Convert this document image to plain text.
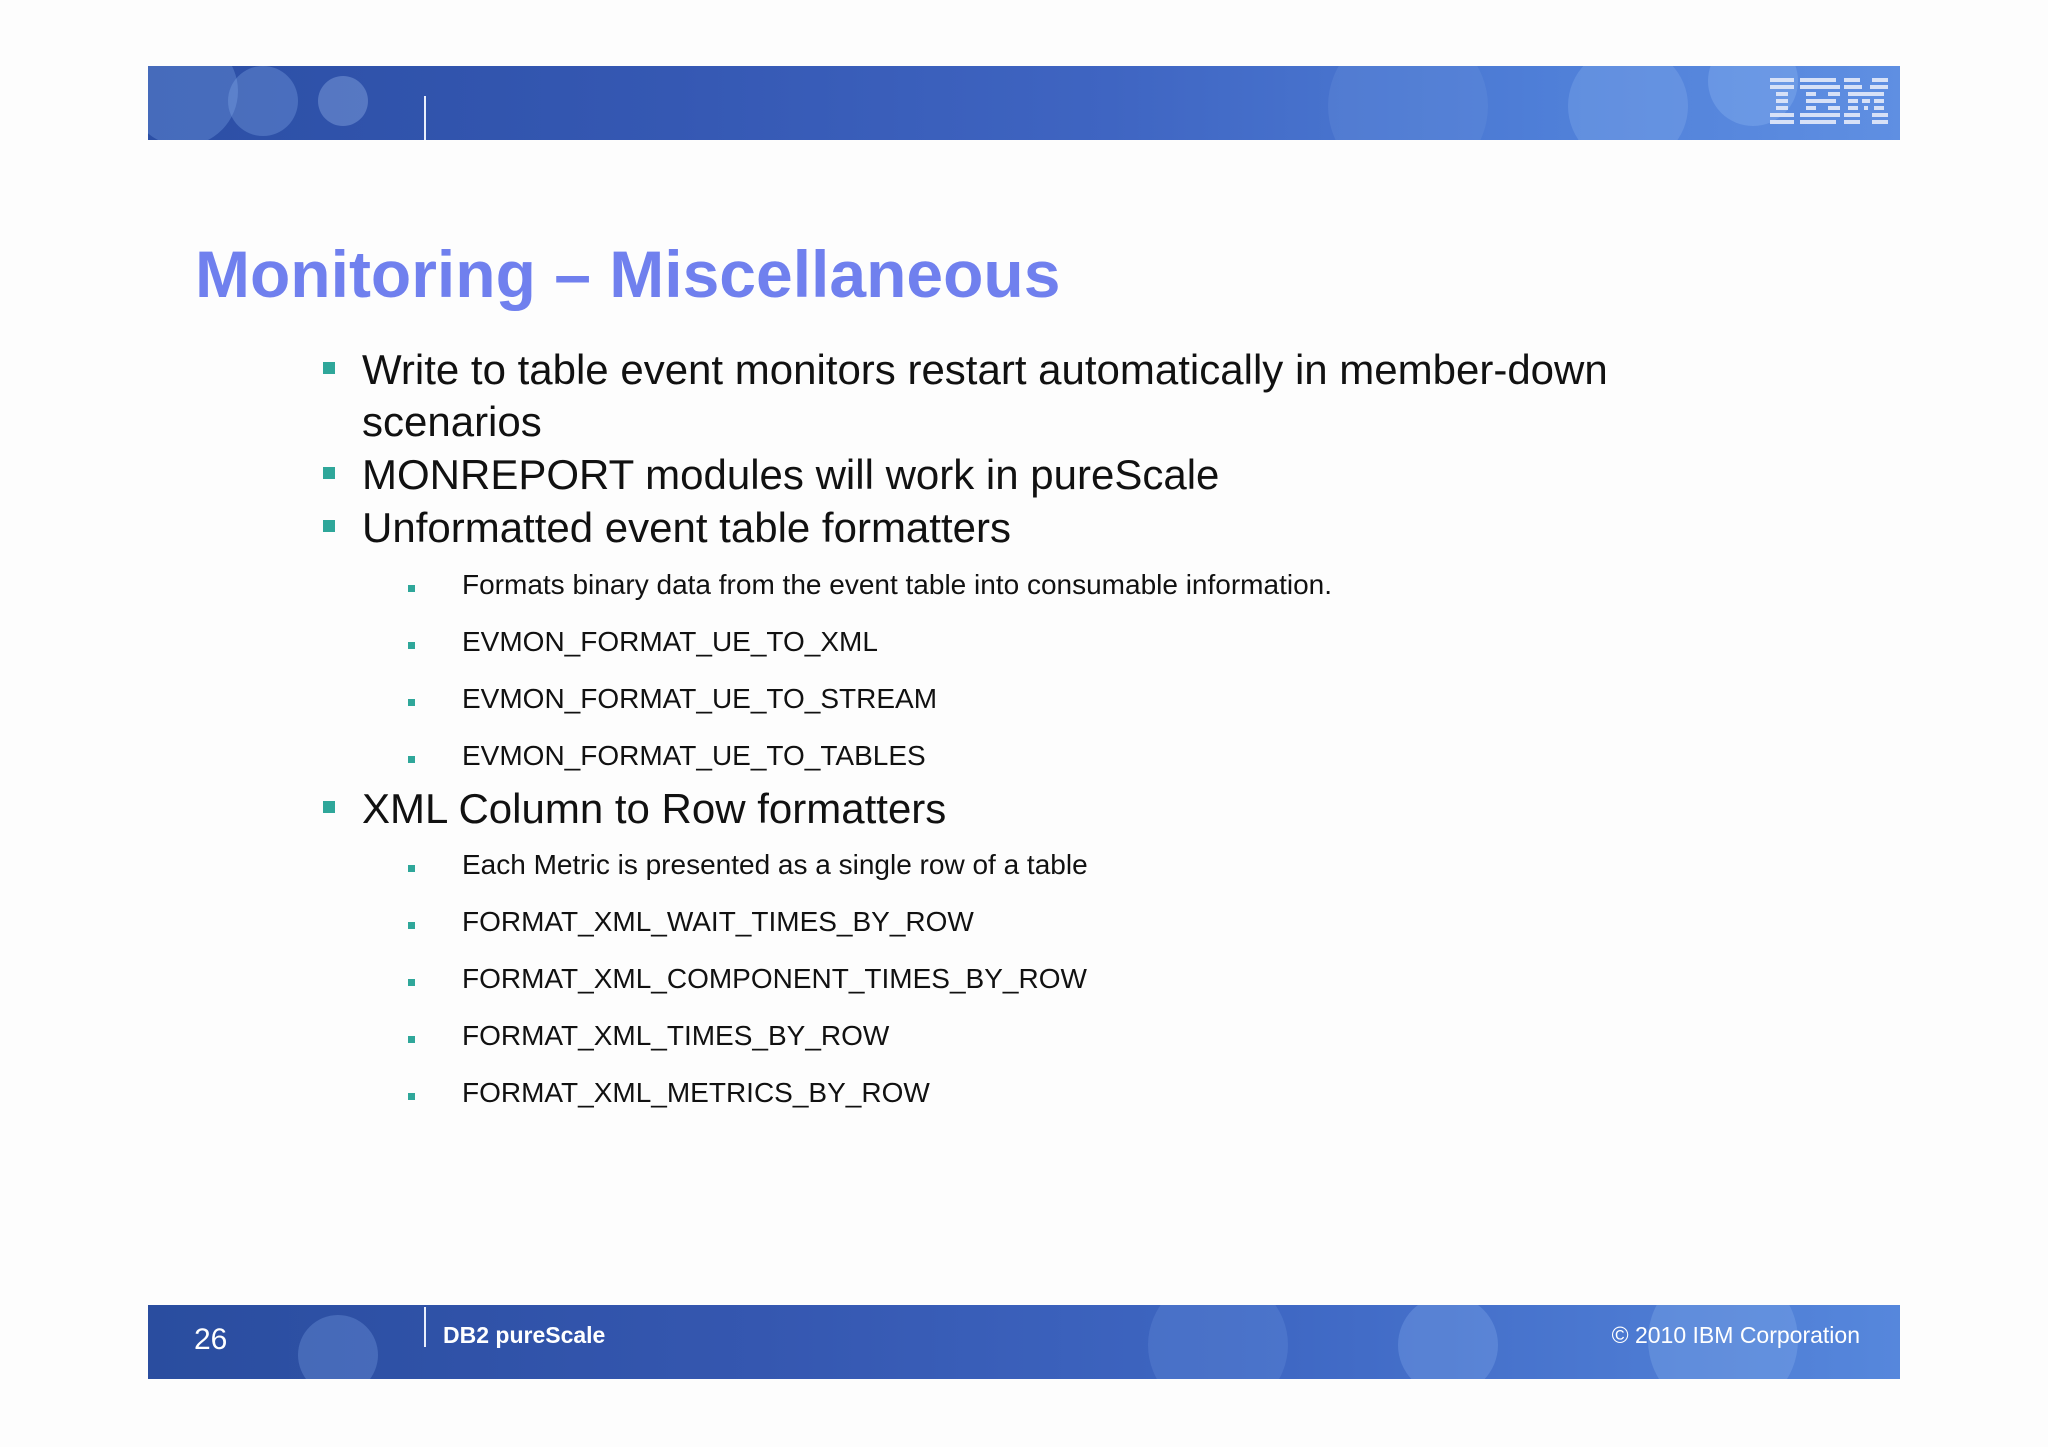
Monitoring – Miscellaneous
Write to table event monitors restart automatically in member-down scenarios
MONREPORT modules will work in pureScale
Unformatted event table formatters
Formats binary data from the event table into consumable information.
EVMON_FORMAT_UE_TO_XML
EVMON_FORMAT_UE_TO_STREAM
EVMON_FORMAT_UE_TO_TABLES
XML Column to Row formatters
Each Metric is presented as a single row of a table
FORMAT_XML_WAIT_TIMES_BY_ROW
FORMAT_XML_COMPONENT_TIMES_BY_ROW
FORMAT_XML_TIMES_BY_ROW
FORMAT_XML_METRICS_BY_ROW
26	DB2 pureScale	© 2010 IBM Corporation
